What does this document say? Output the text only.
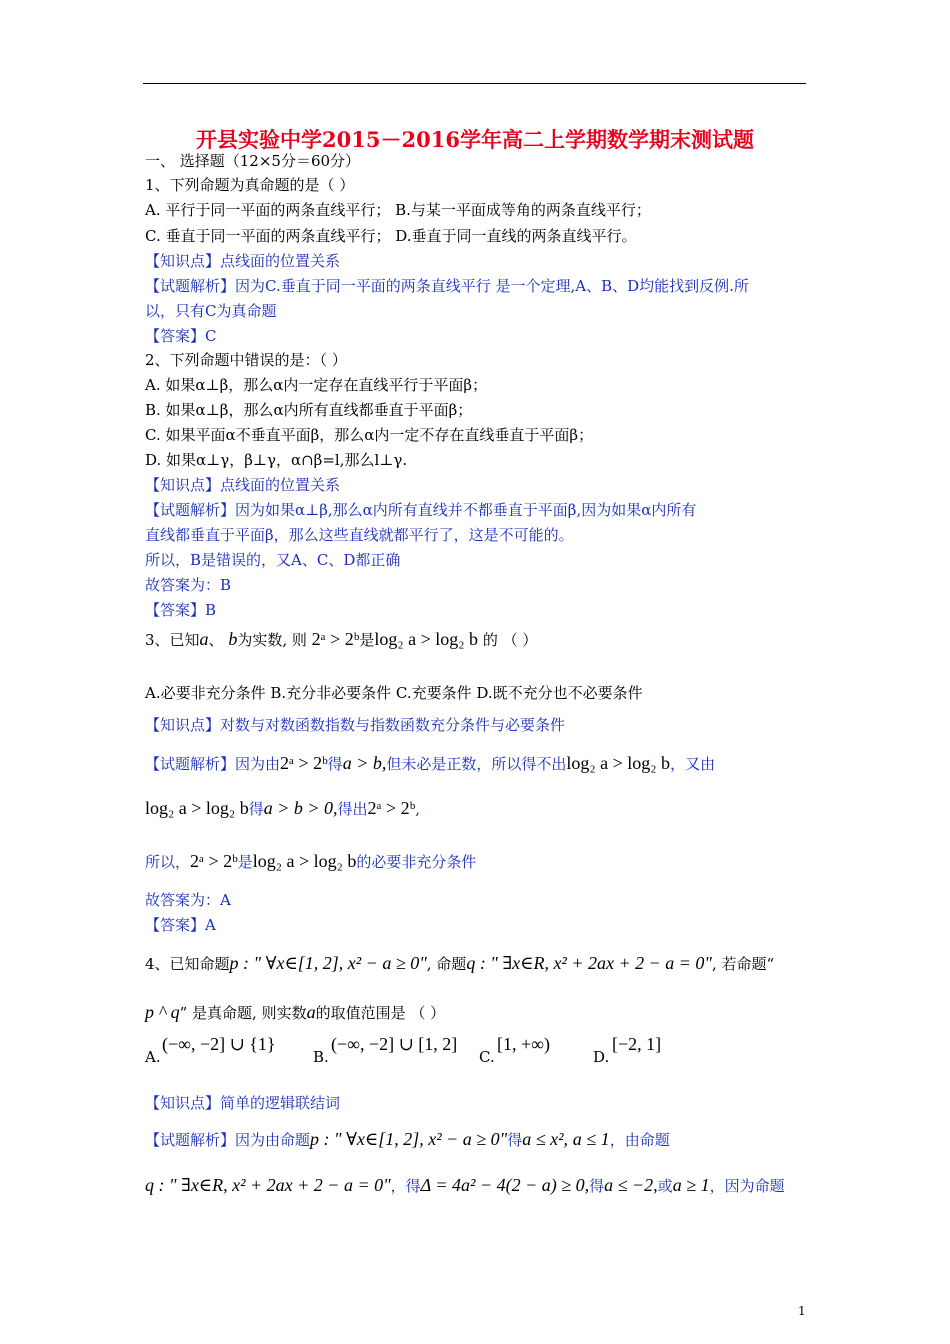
开县实验中学2015－2016学年高二上学期数学期末测试题
一、 选择题（12×5分＝60分）
1、下列命题为真命题的是（ ）
A. 平行于同一平面的两条直线平行； B.与某一平面成等角的两条直线平行；
C. 垂直于同一平面的两条直线平行； D.垂直于同一直线的两条直线平行。
【知识点】点线面的位置关系
【试题解析】因为C.垂直于同一平面的两条直线平行 是一个定理,A、B、D均能找到反例.所
以，只有C为真命题
【答案】C
2、下列命题中错误的是：（ ）
A. 如果α⊥β，那么α内一定存在直线平行于平面β；
B. 如果α⊥β，那么α内所有直线都垂直于平面β；
C. 如果平面α不垂直平面β，那么α内一定不存在直线垂直于平面β；
D. 如果α⊥γ，β⊥γ，α∩β=l,那么l⊥γ.
【知识点】点线面的位置关系
【试题解析】因为如果α⊥β,那么α内所有直线并不都垂直于平面β,因为如果α内所有
直线都垂直于平面β，那么这些直线就都平行了，这是不可能的。
所以，B是错误的，又A、C、D都正确
故答案为：B
【答案】B
3、已知a、 b为实数, 则 2ᵃ > 2ᵇ是log₂ a > log₂ b 的 （ ）
A.必要非充分条件 B.充分非必要条件 C.充要条件 D.既不充分也不必要条件
【知识点】对数与对数函数指数与指数函数充分条件与必要条件
【试题解析】因为由2ᵃ > 2ᵇ得a > b,但未必是正数，所以得不出log₂ a > log₂ b，又由
log₂ a > log₂ b得a > b > 0,得出2ᵃ > 2ᵇ,
所以，2ᵃ > 2ᵇ是log₂ a > log₂ b的必要非充分条件
故答案为：A
【答案】A
4、已知命题p : " ∀x∈[1, 2], x² − a ≥ 0", 命题q : " ∃x∈R, x² + 2ax + 2 − a = 0", 若命题“
p ^ q” 是真命题, 则实数a的取值范围是 （ ）
A.
(−∞, −2] ∪ {1}
B.
(−∞, −2] ∪ [1, 2]
C.
[1, +∞)
D.
[−2, 1]
【知识点】简单的逻辑联结词
【试题解析】因为由命题p : " ∀x∈[1, 2], x² − a ≥ 0"得a ≤ x², a ≤ 1，由命题
q : " ∃x∈R, x² + 2ax + 2 − a = 0"，得Δ = 4a² − 4(2 − a) ≥ 0,得a ≤ −2,或a ≥ 1，因为命题
1
